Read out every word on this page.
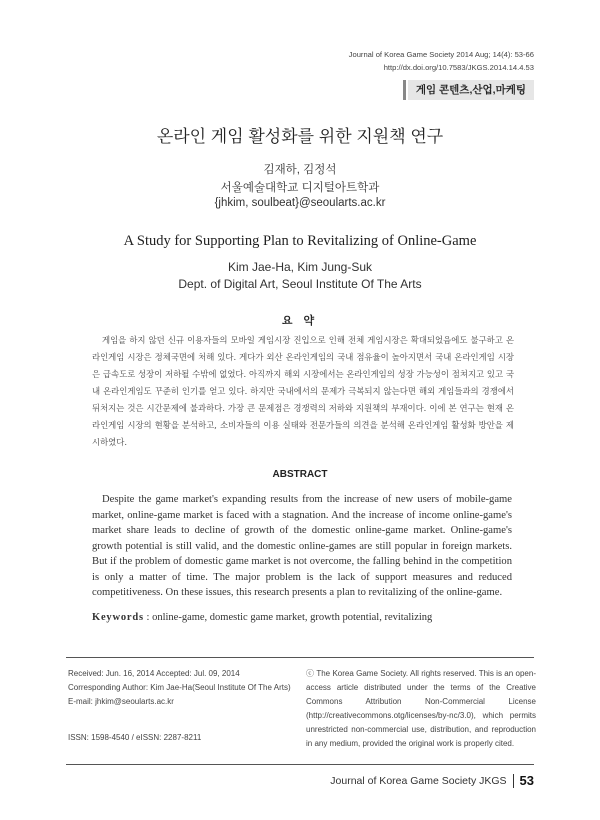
Journal of Korea Game Society 2014 Aug; 14(4): 53-66
http://dx.doi.org/10.7583/JKGS.2014.14.4.53
게임 콘텐츠,산업,마케팅
온라인 게임 활성화를 위한 지원책 연구
김재하, 김정석
서울예술대학교 디지털아트학과
{jhkim, soulbeat}@seoularts.ac.kr
A Study for Supporting Plan to Revitalizing of Online-Game
Kim Jae-Ha, Kim Jung-Suk
Dept. of Digital Art, Seoul Institute Of The Arts
요 약
게임을 하지 않던 신규 이용자들의 모바일 게임시장 진입으로 인해 전체 게임시장은 확대되었음에도 불구하고 온라인게임 시장은 정체국면에 처해 있다. 게다가 외산 온라인게임의 국내 점유율이 높아지면서 국내 온라인게임 시장은 급속도로 성장이 저하될 수밖에 없었다. 아직까지 해외 시장에서는 온라인게임의 성장 가능성이 점쳐지고 있고 국내 온라인게임도 꾸준히 인기를 얻고 있다. 하지만 국내에서의 문제가 극복되지 않는다면 해외 게임들과의 경쟁에서 뒤처지는 것은 시간문제에 불과하다. 가장 큰 문제점은 경쟁력의 저하와 지원책의 부재이다. 이에 본 연구는 현재 온라인게임 시장의 현황을 분석하고, 소비자들의 이용 실태와 전문가들의 의견을 분석해 온라인게임 활성화 방안을 제시하였다.
ABSTRACT
Despite the game market's expanding results from the increase of new users of mobile-game market, online-game market is faced with a stagnation. And the increase of income online-game's market share leads to decline of growth of the domestic online-game market. Online-game's growth potential is still valid, and the domestic online-games are still popular in foreign markets. But if the problem of domestic game market is not overcome, the falling behind in the competition is only a matter of time. The major problem is the lack of support measures and reduced competitiveness. On these issues, this research presents a plan to revitalizing of the online-game.
Keywords : online-game, domestic game market, growth potential, revitalizing
Received: Jun. 16, 2014 Accepted: Jul. 09, 2014
Corresponding Author: Kim Jae-Ha(Seoul Institute Of The Arts)
E-mail: jhkim@seoularts.ac.kr
ISSN: 1598-4540 / eISSN: 2287-8211
ⓒ The Korea Game Society. All rights reserved. This is an open-access article distributed under the terms of the Creative Commons Attribution Non-Commercial License (http://creativecommons.otg/licenses/by-nc/3.0), which permits unrestricted non-commercial use, distribution, and reproduction in any medium, provided the original work is properly cited.
Journal of Korea Game Society JKGS 53
